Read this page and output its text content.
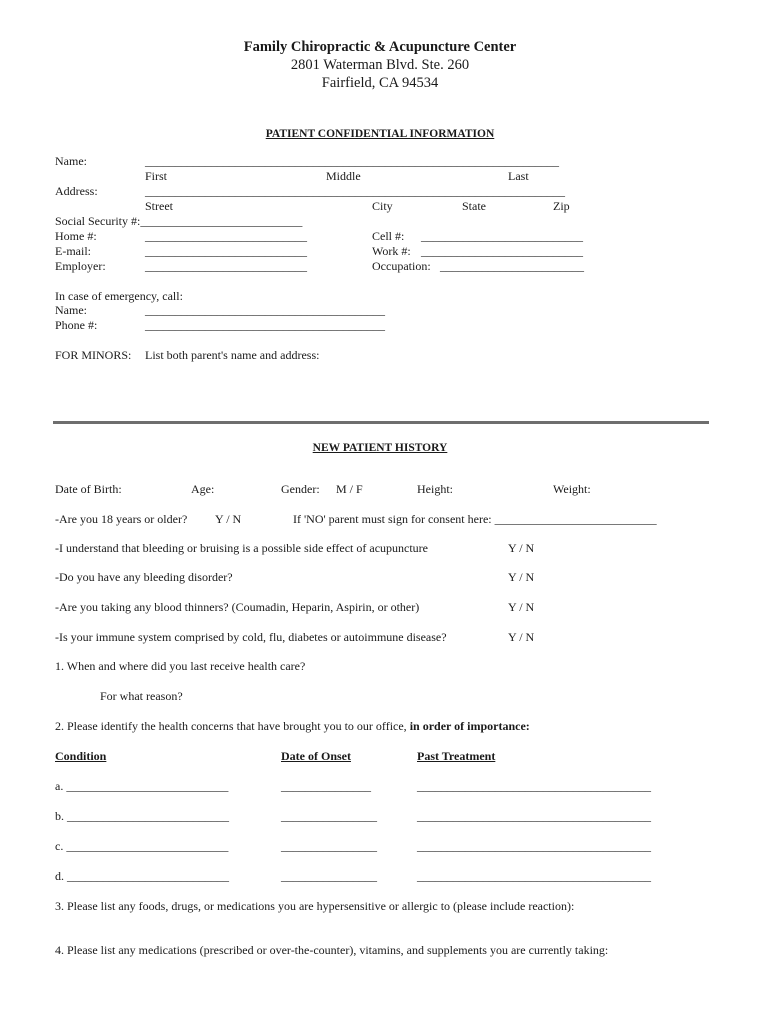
Family Chiropractic & Acupuncture Center
2801 Waterman Blvd. Ste. 260
Fairfield, CA 94534
PATIENT CONFIDENTIAL INFORMATION
Name:	_____________________________________________________________________
First	Middle	Last
Address:	______________________________________________________________________
Street	City	State	Zip
Social Security #:___________________________
Home #:	___________________________	Cell #: ___________________________
E-mail:	___________________________	Work #: ___________________________
Employer:	___________________________	Occupation: ________________________
In case of emergency, call:
Name:	________________________________________
Phone #:	________________________________________
FOR MINORS: List both parent's name and address:
NEW PATIENT HISTORY
Date of Birth:	Age:	Gender: M / F	Height:	Weight:
-Are you 18 years or older? Y / N	If 'NO' parent must sign for consent here: ___________________________
-I understand that bleeding or bruising is a possible side effect of acupuncture	Y / N
-Do you have any bleeding disorder?	Y / N
-Are you taking any blood thinners? (Coumadin, Heparin, Aspirin, or other)	Y / N
-Is your immune system comprised by cold, flu, diabetes or autoimmune disease?	Y / N
1. When and where did you last receive health care?
For what reason?
2. Please identify the health concerns that have brought you to our office, in order of importance:
Condition	Date of Onset	Past Treatment
a. ___________________________	_______________	_______________________________________
b. ___________________________	________________	_______________________________________
c. ___________________________	________________	_______________________________________
d. ___________________________	________________	_______________________________________
3. Please list any foods, drugs, or medications you are hypersensitive or allergic to (please include reaction):
4. Please list any medications (prescribed or over-the-counter), vitamins, and supplements you are currently taking:
